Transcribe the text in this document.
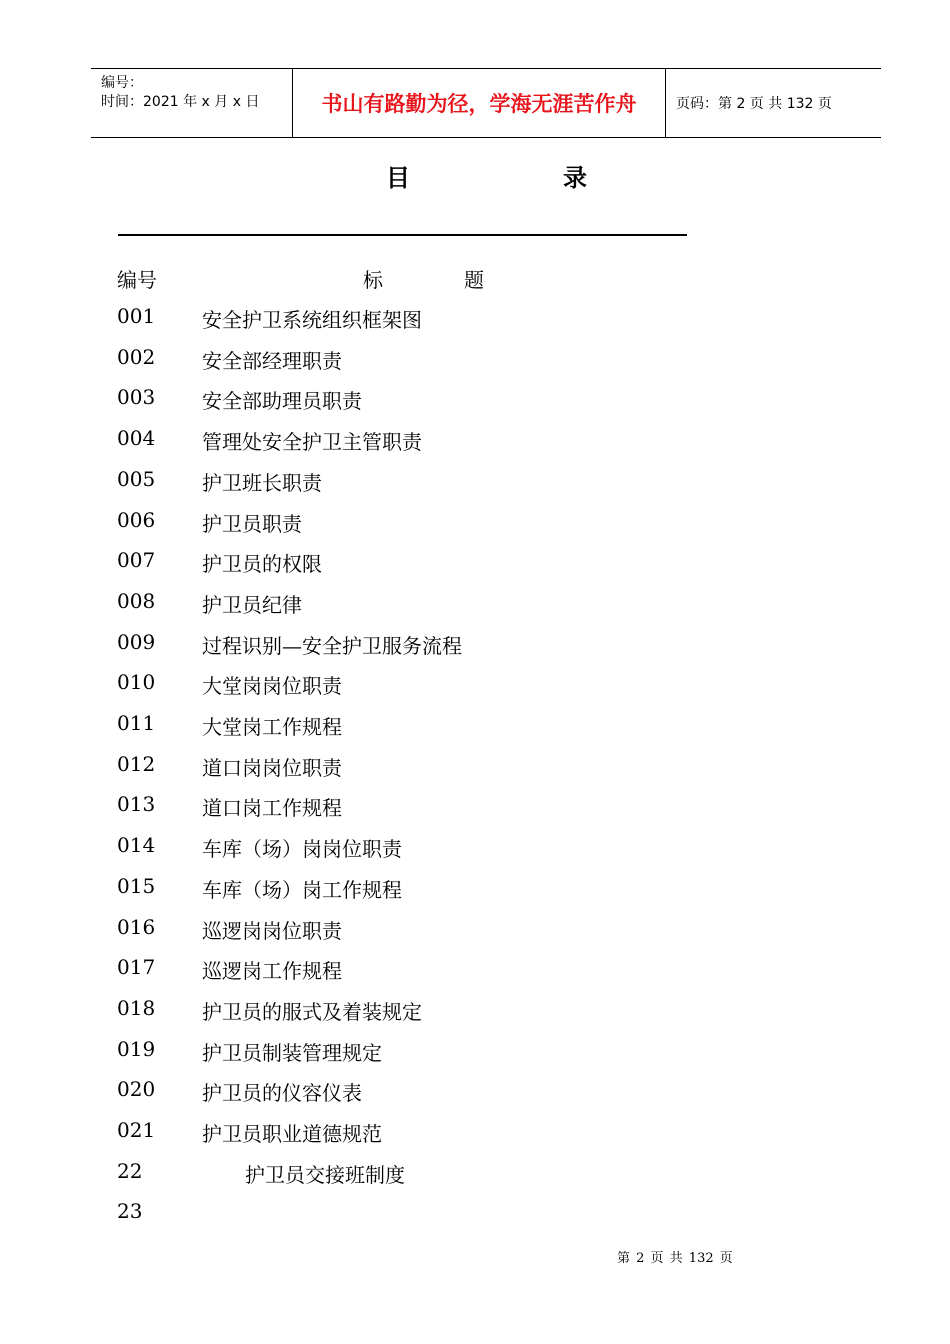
编号：
时间：2021 年 x 月 x 日	书山有路勤为径，学海无涯苦作舟	页码：第 2 页 共 132 页
目	录
编号	标	题
001 安全护卫系统组织框架图
002 安全部经理职责
003 安全部助理员职责
004 管理处安全护卫主管职责
005 护卫班长职责
006 护卫员职责
007 护卫员的权限
008 护卫员纪律
009 过程识别—安全护卫服务流程
010 大堂岗岗位职责
011 大堂岗工作规程
012 道口岗岗位职责
013 道口岗工作规程
014 车库（场）岗岗位职责
015 车库（场）岗工作规程
016 巡逻岗岗位职责
017 巡逻岗工作规程
018 护卫员的服式及着装规定
019 护卫员制装管理规定
020 护卫员的仪容仪表
021 护卫员职业道德规范
22	护卫员交接班制度
23
第 2 页 共 132 页
